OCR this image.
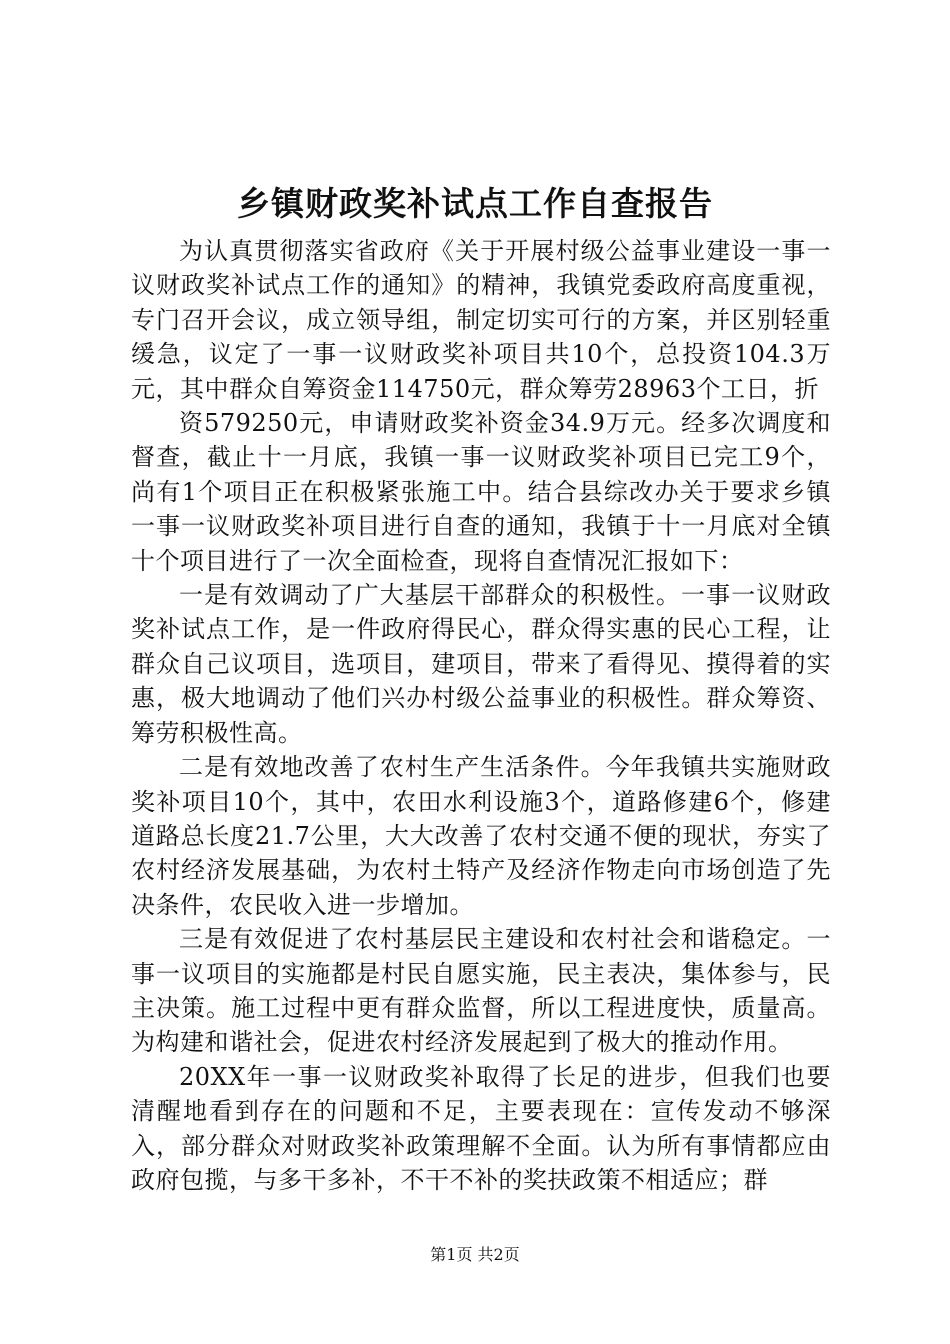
乡镇财政奖补试点工作自查报告

为认真贯彻落实省政府《关于开展村级公益事业建设一事一议财政奖补试点工作的通知》的精神，我镇党委政府高度重视，专门召开会议，成立领导组，制定切实可行的方案，并区别轻重缓急，议定了一事一议财政奖补项目共10个，总投资104.3万元，其中群众自筹资金114750元，群众筹劳28963个工日，折

资579250元，申请财政奖补资金34.9万元。经多次调度和督查，截止十一月底，我镇一事一议财政奖补项目已完工9个，尚有1个项目正在积极紧张施工中。结合县综改办关于要求乡镇一事一议财政奖补项目进行自查的通知，我镇于十一月底对全镇十个项目进行了一次全面检查，现将自查情况汇报如下：

一是有效调动了广大基层干部群众的积极性。一事一议财政奖补试点工作，是一件政府得民心，群众得实惠的民心工程，让群众自己议项目，选项目，建项目，带来了看得见、摸得着的实惠，极大地调动了他们兴办村级公益事业的积极性。群众筹资、筹劳积极性高。

二是有效地改善了农村生产生活条件。今年我镇共实施财政奖补项目10个，其中，农田水利设施3个，道路修建6个，修建道路总长度21.7公里，大大改善了农村交通不便的现状，夯实了农村经济发展基础，为农村土特产及经济作物走向市场创造了先决条件，农民收入进一步增加。

三是有效促进了农村基层民主建设和农村社会和谐稳定。一事一议项目的实施都是村民自愿实施，民主表决，集体参与，民主决策。施工过程中更有群众监督，所以工程进度快，质量高。为构建和谐社会，促进农村经济发展起到了极大的推动作用。

20XX年一事一议财政奖补取得了长足的进步，但我们也要清醒地看到存在的问题和不足，主要表现在：宣传发动不够深入，部分群众对财政奖补政策理解不全面。认为所有事情都应由政府包揽，与多干多补，不干不补的奖扶政策不相适应；群

第1页 共2页
